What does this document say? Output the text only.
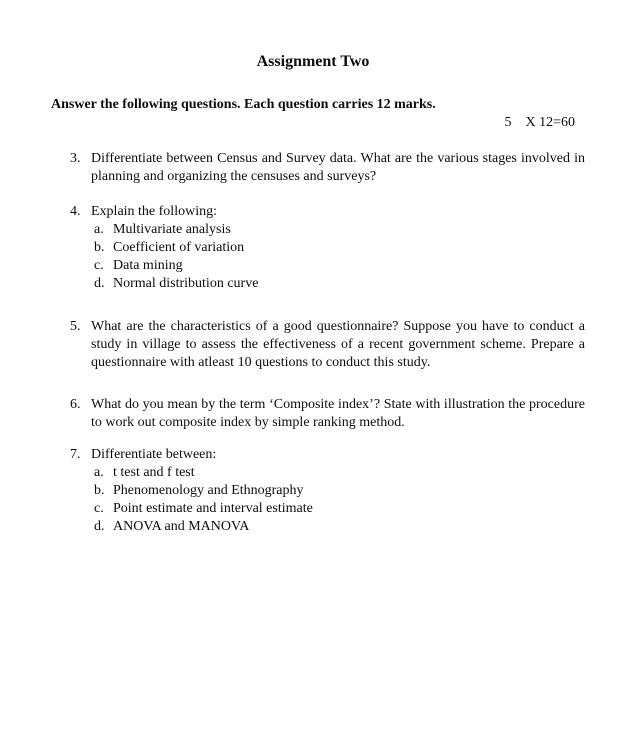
Assignment Two
Answer the following questions. Each question carries 12 marks.
5    X 12=60
3. Differentiate between Census and Survey data. What are the various stages involved in planning and organizing the censuses and surveys?
4. Explain the following:
a. Multivariate analysis
b. Coefficient of variation
c. Data mining
d. Normal distribution curve
5. What are the characteristics of a good questionnaire? Suppose you have to conduct a study in village to assess the effectiveness of a recent government scheme. Prepare a questionnaire with atleast 10 questions to conduct this study.
6. What do you mean by the term ‘Composite index’? State with illustration the procedure to work out composite index by simple ranking method.
7. Differentiate between:
a. t test and f test
b. Phenomenology and Ethnography
c. Point estimate and interval estimate
d. ANOVA and MANOVA
